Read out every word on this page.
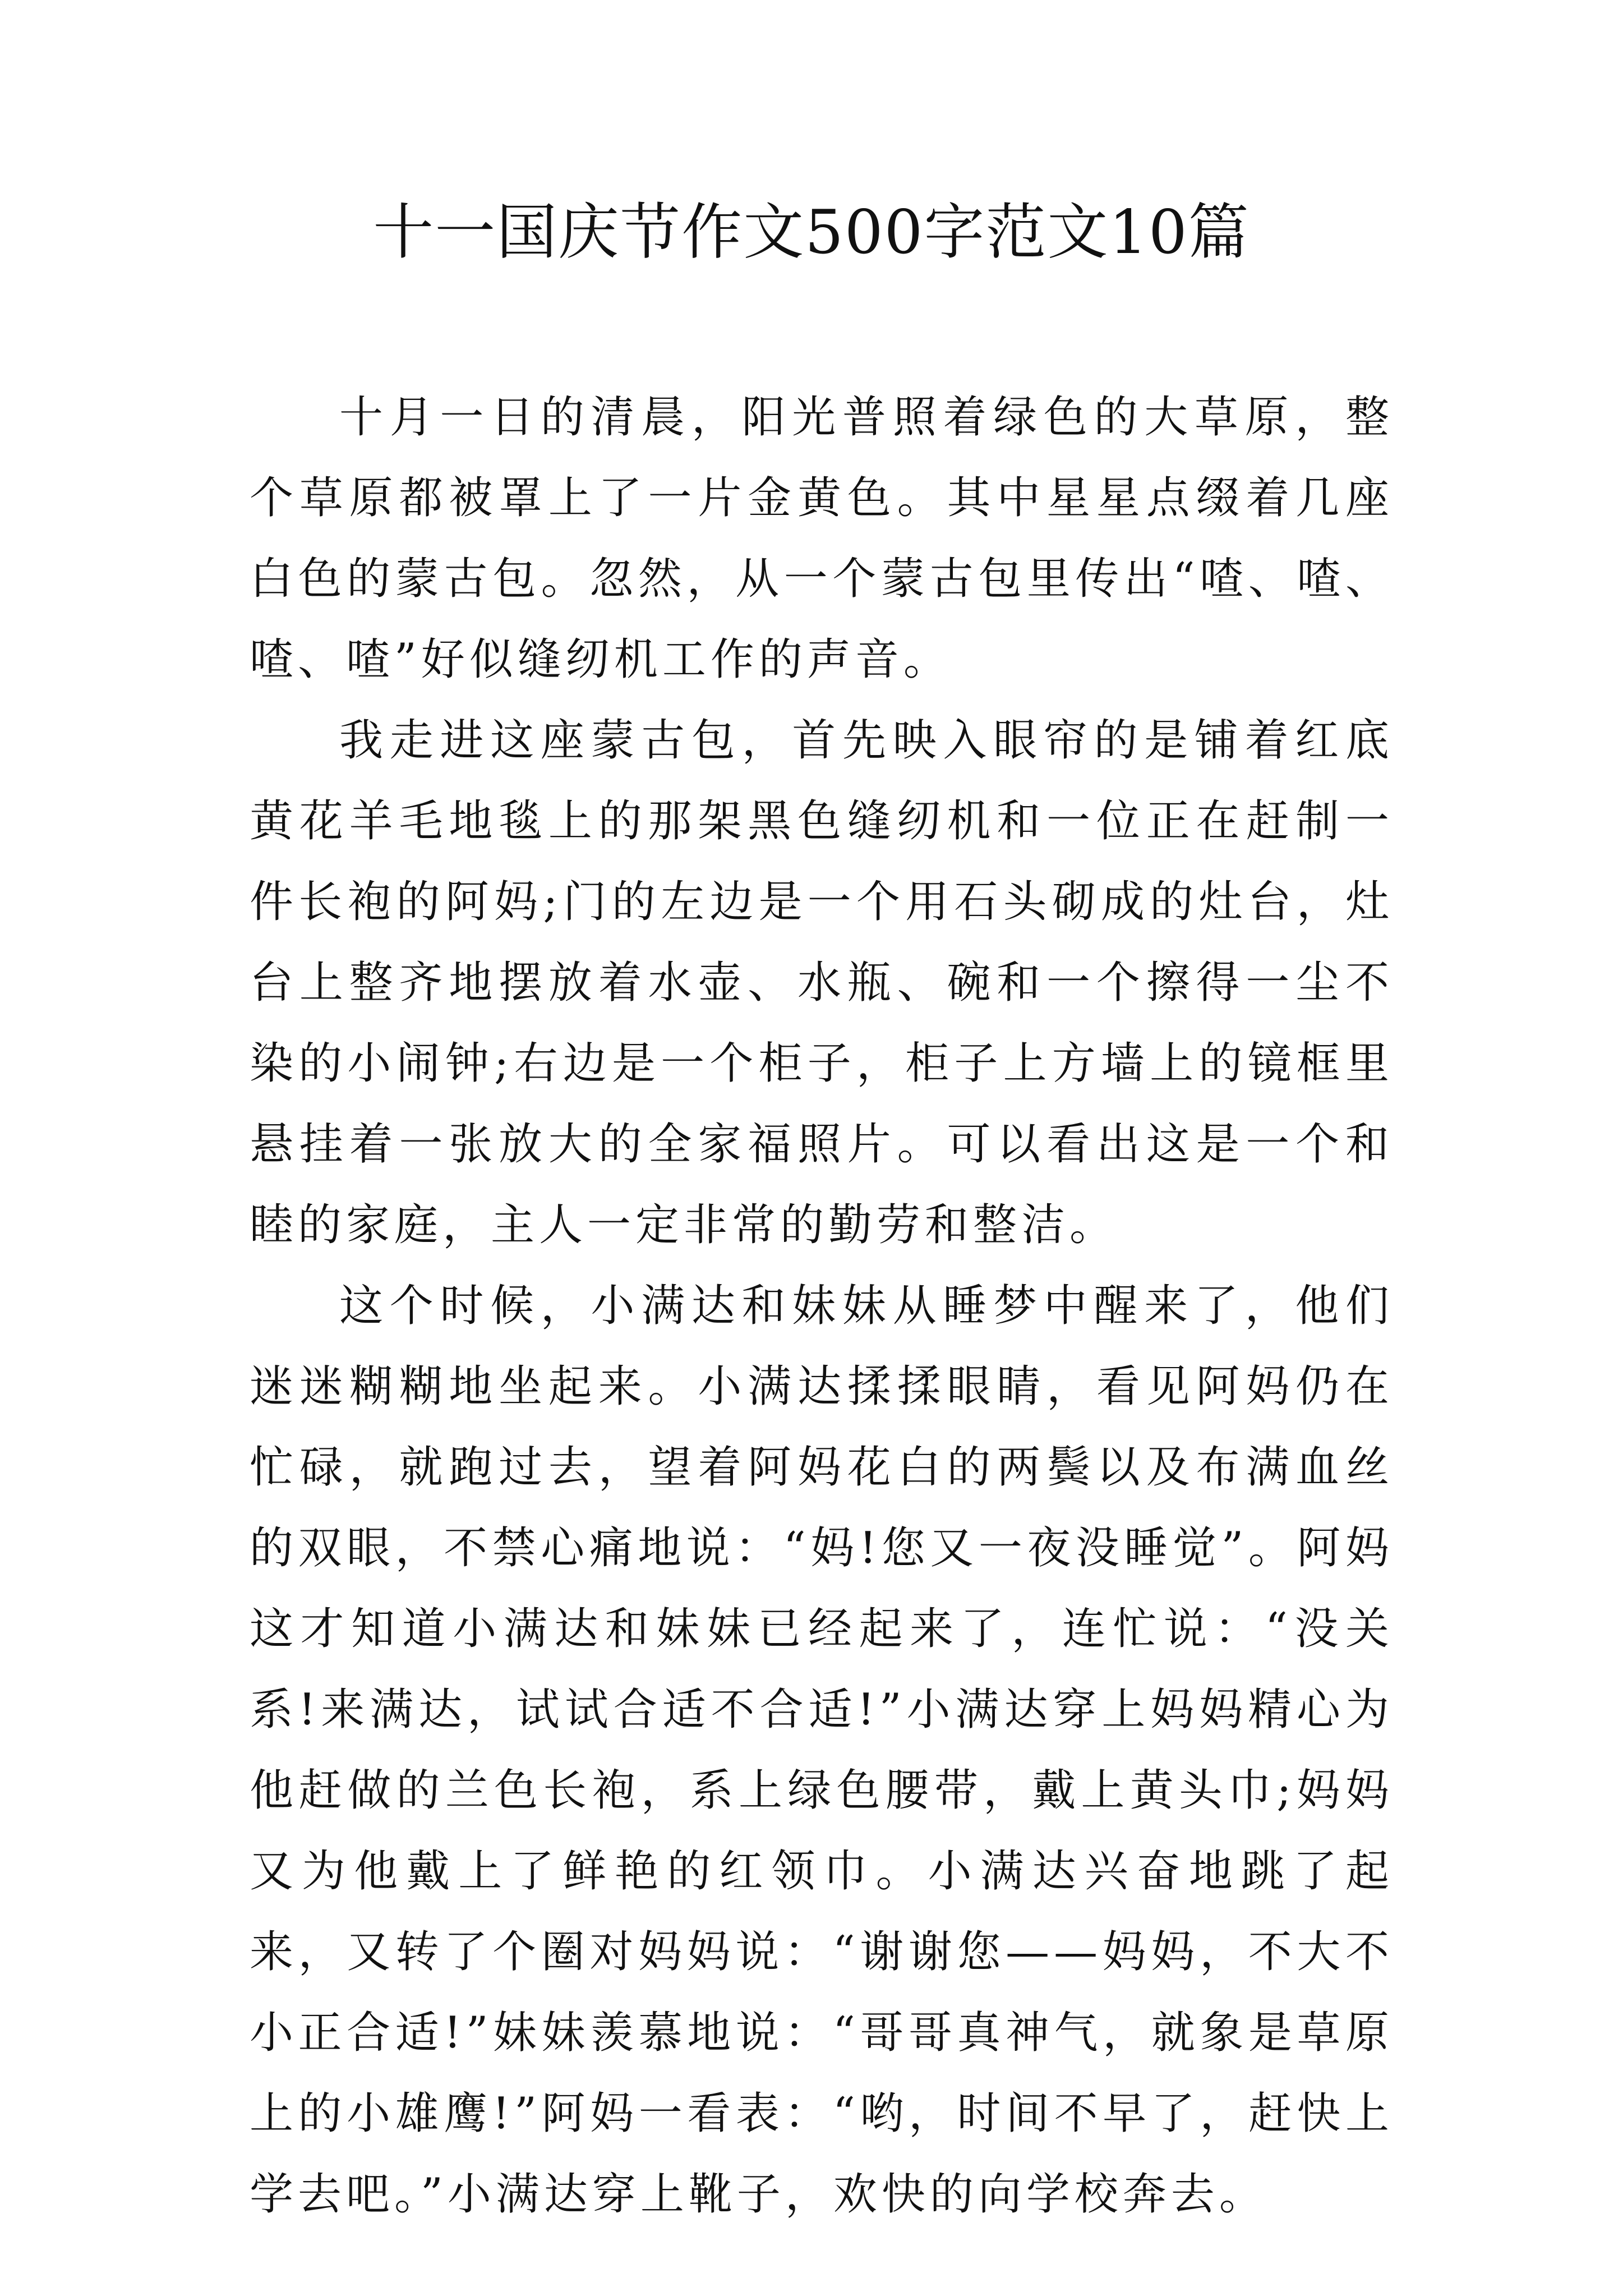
十一国庆节作文500字范文10篇

十月一日的清晨，阳光普照着绿色的大草原，整个草原都被罩上了一片金黄色。其中星星点缀着几座白色的蒙古包。忽然，从一个蒙古包里传出“喳、喳、喳、喳”好似缝纫机工作的声音。

我走进这座蒙古包，首先映入眼帘的是铺着红底黄花羊毛地毯上的那架黑色缝纫机和一位正在赶制一件长袍的阿妈;门的左边是一个用石头砌成的灶台，灶台上整齐地摆放着水壶、水瓶、碗和一个擦得一尘不染的小闹钟;右边是一个柜子，柜子上方墙上的镜框里悬挂着一张放大的全家福照片。可以看出这是一个和睦的家庭，主人一定非常的勤劳和整洁。

这个时候，小满达和妹妹从睡梦中醒来了，他们迷迷糊糊地坐起来。小满达揉揉眼睛，看见阿妈仍在忙碌，就跑过去，望着阿妈花白的两鬓以及布满血丝的双眼，不禁心痛地说：“妈!您又一夜没睡觉”。阿妈这才知道小满达和妹妹已经起来了，连忙说：“没关系!来满达，试试合适不合适!”小满达穿上妈妈精心为他赶做的兰色长袍，系上绿色腰带，戴上黄头巾;妈妈又为他戴上了鲜艳的红领巾。小满达兴奋地跳了起来，又转了个圈对妈妈说：“谢谢您——妈妈，不大不小正合适!”妹妹羡慕地说：“哥哥真神气，就象是草原上的小雄鹰!”阿妈一看表：“哟，时间不早了，赶快上学去吧。”小满达穿上靴子，欢快的向学校奔去。
